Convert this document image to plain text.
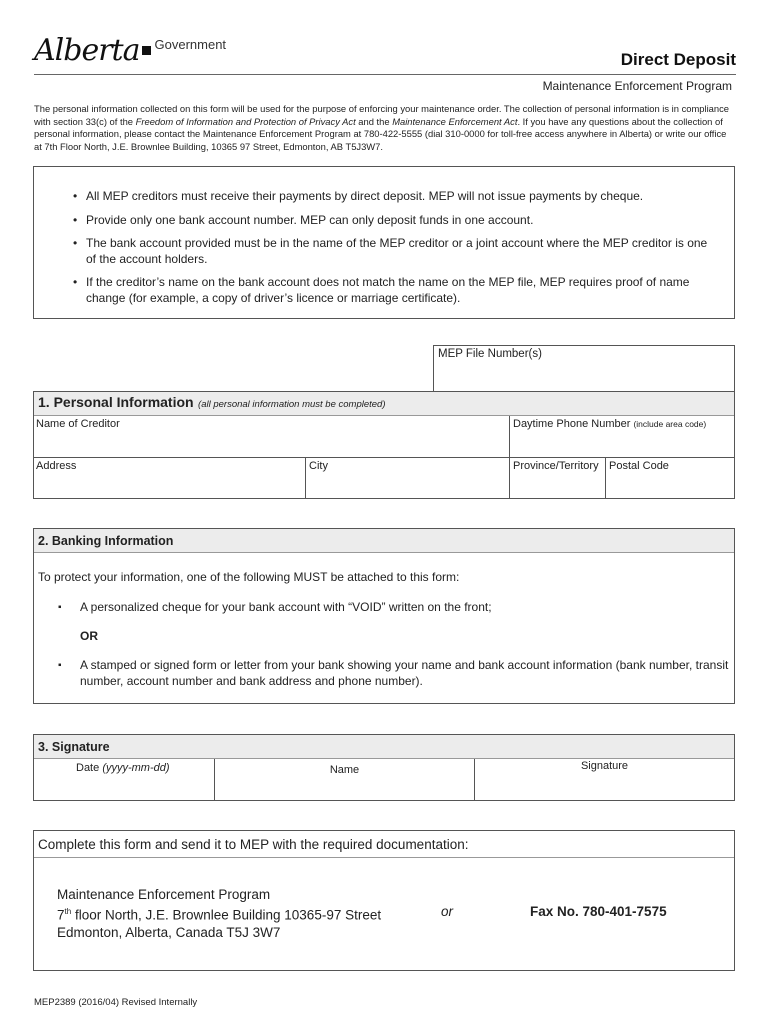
Alberta Government
Direct Deposit
Maintenance Enforcement Program
The personal information collected on this form will be used for the purpose of enforcing your maintenance order. The collection of personal information is in compliance with section 33(c) of the Freedom of Information and Protection of Privacy Act and the Maintenance Enforcement Act. If you have any questions about the collection of personal information, please contact the Maintenance Enforcement Program at 780-422-5555 (dial 310-0000 for toll-free access anywhere in Alberta) or write our office at 7th Floor North, J.E. Brownlee Building, 10365 97 Street, Edmonton, AB T5J3W7.
• All MEP creditors must receive their payments by direct deposit. MEP will not issue payments by cheque.
• Provide only one bank account number. MEP can only deposit funds in one account.
• The bank account provided must be in the name of the MEP creditor or a joint account where the MEP creditor is one of the account holders.
• If the creditor’s name on the bank account does not match the name on the MEP file, MEP requires proof of name change (for example, a copy of driver’s licence or marriage certificate).
MEP File Number(s)
1. Personal Information (all personal information must be completed)
Name of Creditor	Daytime Phone Number (include area code)
Address	City	Province/Territory Postal Code
2. Banking Information
To protect your information, one of the following MUST be attached to this form:
▪ A personalized cheque for your bank account with “VOID” written on the front;
OR
▪ A stamped or signed form or letter from your bank showing your name and bank account information (bank number, transit number, account number and bank address and phone number).
3. Signature
Date (yyyy-mm-dd)	Name	Signature
Complete this form and send it to MEP with the required documentation:
Maintenance Enforcement Program
7th floor North, J.E. Brownlee Building 10365-97 Street
Edmonton, Alberta, Canada T5J 3W7
or	Fax No. 780-401-7575
MEP2389 (2016/04) Revised Internally
